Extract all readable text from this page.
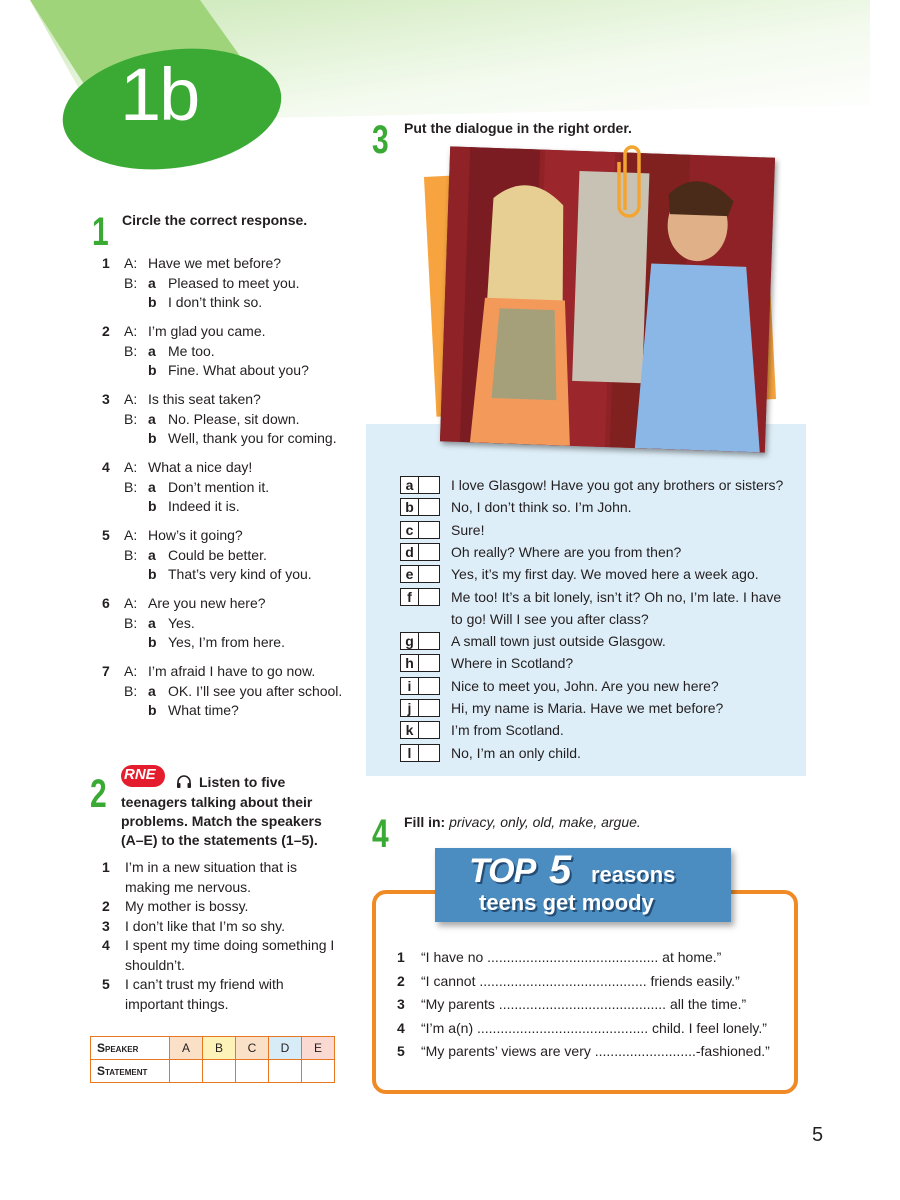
1b
1 Circle the correct response.
1 A: Have we met before?
B: a Pleased to meet you.
b I don’t think so.
2 A: I’m glad you came.
B: a Me too.
b Fine. What about you?
3 A: Is this seat taken?
B: a No. Please, sit down.
b Well, thank you for coming.
4 A: What a nice day!
B: a Don’t mention it.
b Indeed it is.
5 A: How’s it going?
B: a Could be better.
b That’s very kind of you.
6 A: Are you new here?
B: a Yes.
b Yes, I’m from here.
7 A: I’m afraid I have to go now.
B: a OK. I’ll see you after school.
b What time?
2 RNE	Listen to five
teenagers talking about their
problems. Match the speakers
(A–E) to the statements (1–5).
1 I’m in a new situation that is making me nervous.
2 My mother is bossy.
3 I don’t like that I’m so shy.
4 I spent my time doing something I shouldn’t.
5 I can’t trust my friend with important things.
Speaker	A	B	C	D	E
Statement					
3 Put the dialogue in the right order.
a	I love Glasgow! Have you got any brothers or sisters?
b	No, I don’t think so. I’m John.
c	Sure!
d	Oh really? Where are you from then?
e	Yes, it’s my first day. We moved here a week ago.
f	Me too! It’s a bit lonely, isn’t it? Oh no, I’m late. I have
to go! Will I see you after class?
g	A small town just outside Glasgow.
h	Where in Scotland?
i	Nice to meet you, John. Are you new here?
j	Hi, my name is Maria. Have we met before?
k	I’m from Scotland.
l	No, I’m an only child.
4 Fill in: privacy, only, old, make, argue.
TOP 5 reasons
teens get moody
1 “I have no ............................................ at home.”
2 “I cannot ........................................... friends easily.”
3 “My parents ........................................... all the time.”
4 “I’m a(n) ............................................ child. I feel lonely.”
5 “My parents’ views are very ..........................-fashioned.”
5
